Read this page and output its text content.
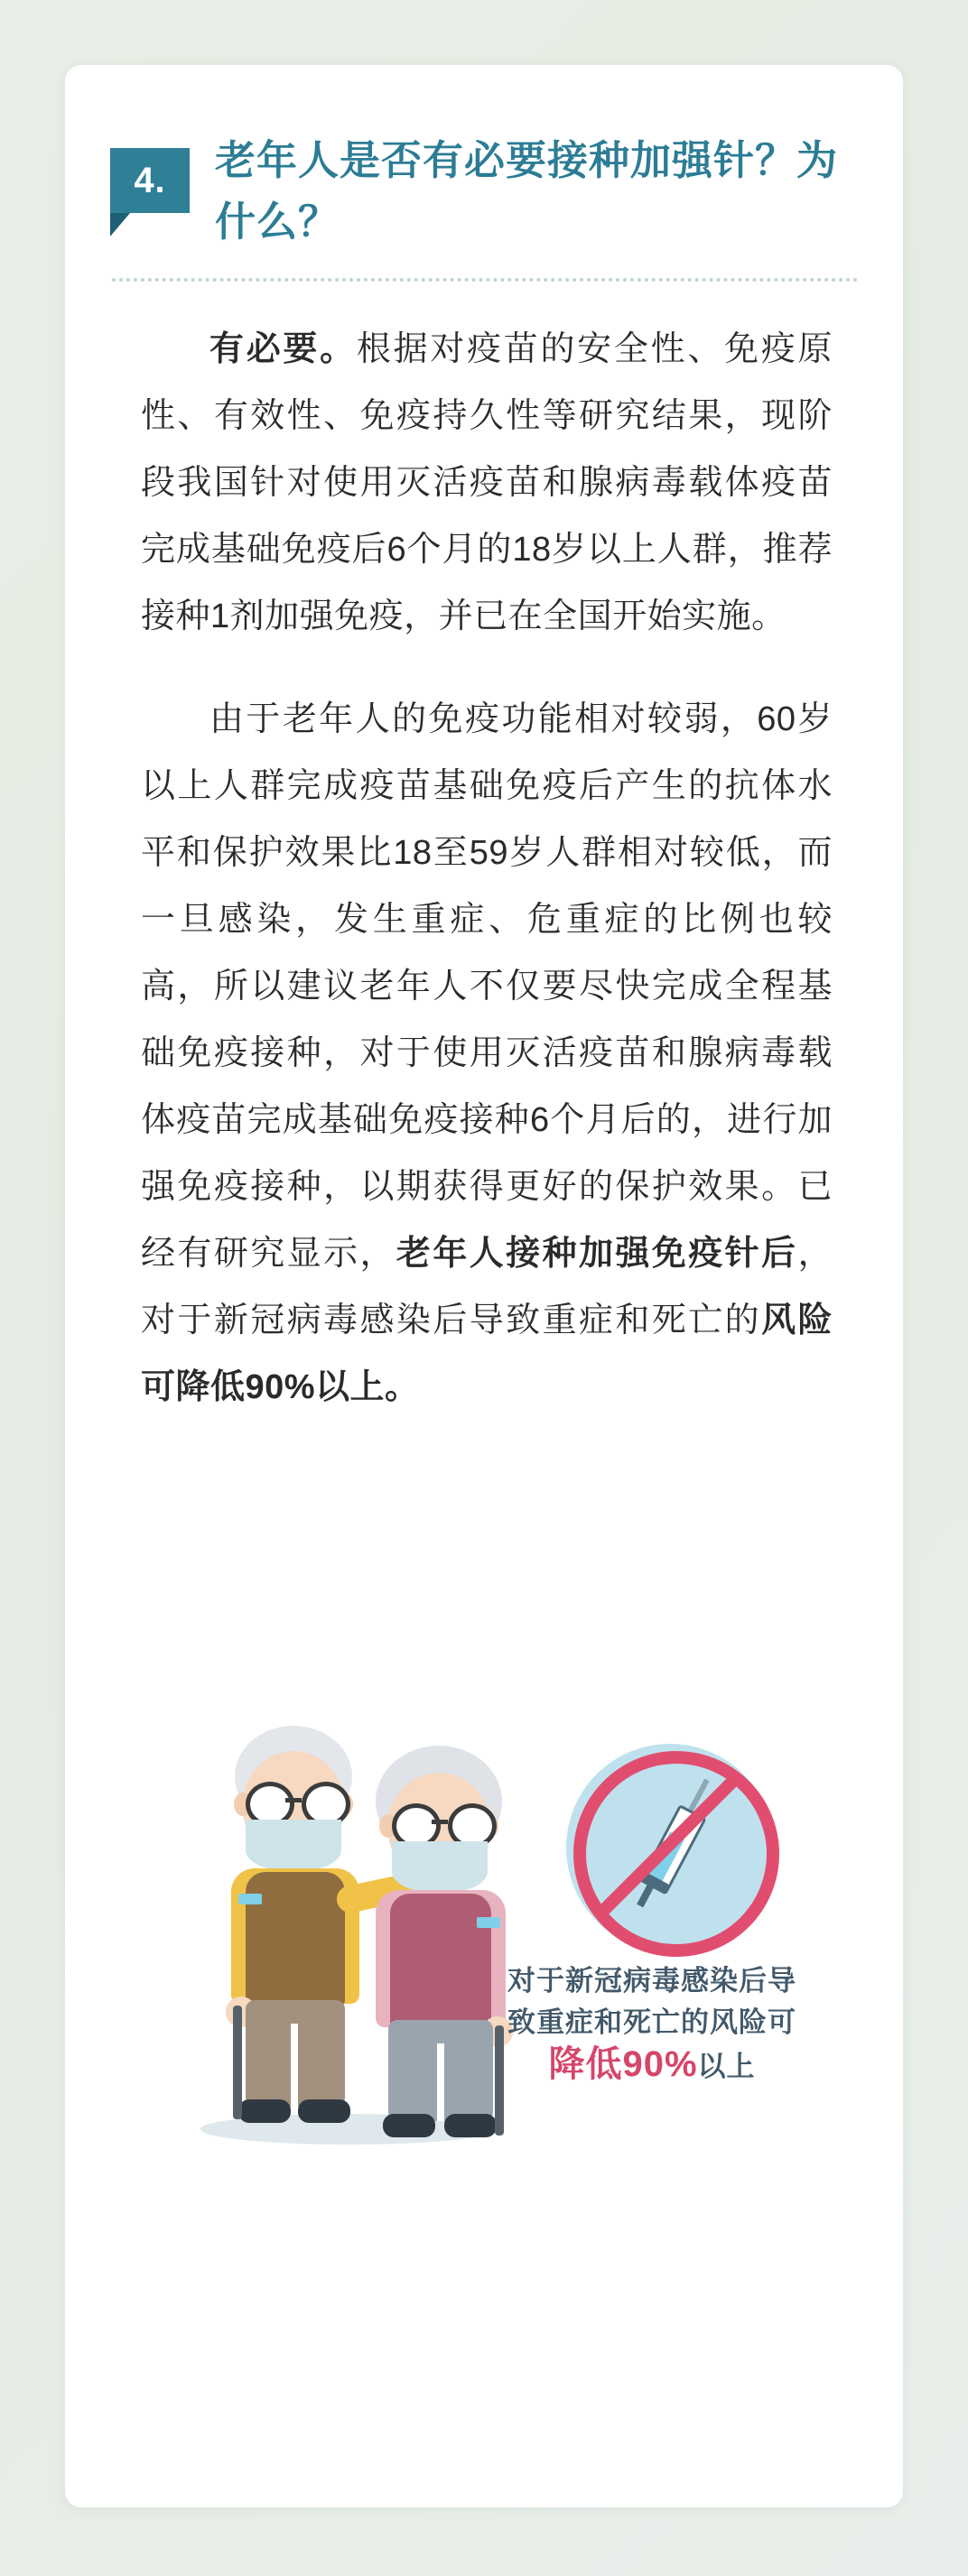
4.	老年人是否有必要接种加强针？为什么？

有必要。根据对疫苗的安全性、免疫原性、有效性、免疫持久性等研究结果，现阶段我国针对使用灭活疫苗和腺病毒载体疫苗完成基础免疫后6个月的18岁以上人群，推荐接种1剂加强免疫，并已在全国开始实施。

由于老年人的免疫功能相对较弱，60岁以上人群完成疫苗基础免疫后产生的抗体水平和保护效果比18至59岁人群相对较低，而一旦感染，发生重症、危重症的比例也较高，所以建议老年人不仅要尽快完成全程基础免疫接种，对于使用灭活疫苗和腺病毒载体疫苗完成基础免疫接种6个月后的，进行加强免疫接种，以期获得更好的保护效果。已经有研究显示，老年人接种加强免疫针后，对于新冠病毒感染后导致重症和死亡的风险可降低90%以上。

对于新冠病毒感染后导
致重症和死亡的风险可
降低90%以上
